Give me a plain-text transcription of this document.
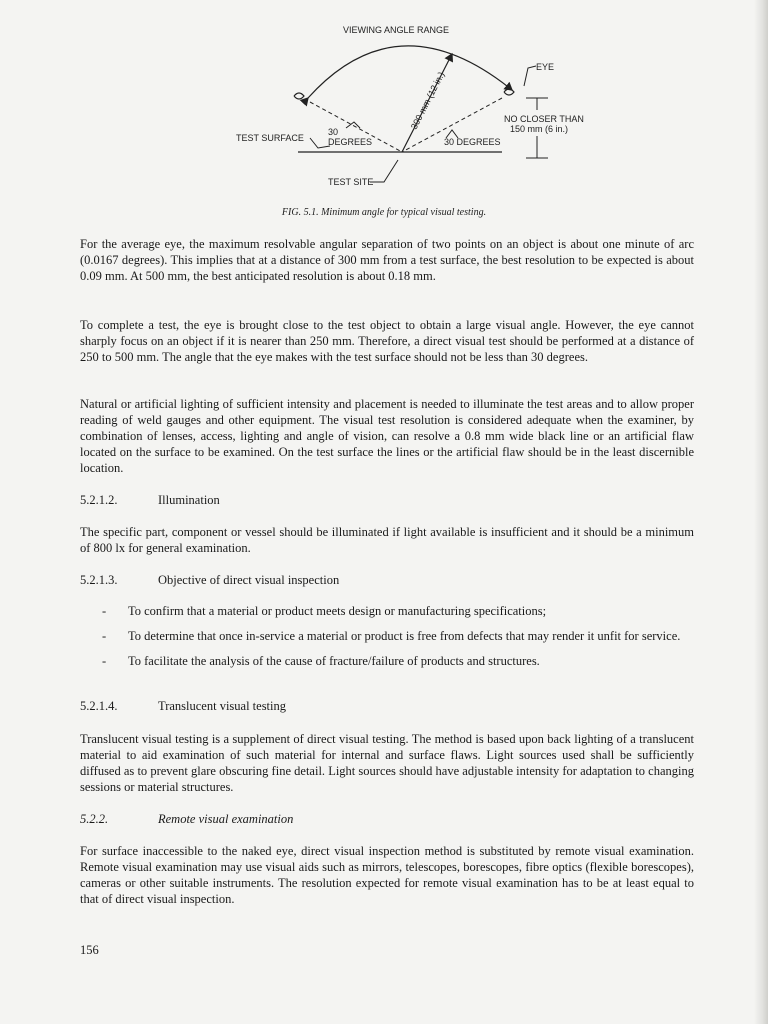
VIEWING ANGLE RANGE
EYE
300 mm (12 in.)	NO CLOSER THAN
150 mm (6 in.)
TEST SURFACE
30
DEGREES	30 DEGREES
TEST SITE
FIG. 5.1. Minimum angle for typical visual testing.

For the average eye, the maximum resolvable angular separation of two points on an object is about one minute of arc (0.0167 degrees). This implies that at a distance of 300 mm from a test surface, the best resolution to be expected is about 0.09 mm. At 500 mm, the best anticipated resolution is about 0.18 mm.

To complete a test, the eye is brought close to the test object to obtain a large visual angle. However, the eye cannot sharply focus on an object if it is nearer than 250 mm. Therefore, a direct visual test should be performed at a distance of 250 to 500 mm. The angle that the eye makes with the test surface should not be less than 30 degrees.

Natural or artificial lighting of sufficient intensity and placement is needed to illuminate the test areas and to allow proper reading of weld gauges and other equipment. The visual test resolution is considered adequate when the examiner, by combination of lenses, access, lighting and angle of vision, can resolve a 0.8 mm wide black line or an artificial flaw located on the surface to be examined. On the test surface the lines or the artificial flaw should be in the least discernible location.

5.2.1.2.	Illumination

The specific part, component or vessel should be illuminated if light available is insufficient and it should be a minimum of 800 lx for general examination.

5.2.1.3.	Objective of direct visual inspection
- To confirm that a material or product meets design or manufacturing specifications;
- To determine that once in-service a material or product is free from defects that may render it unfit for service.
- To facilitate the analysis of the cause of fracture/failure of products and structures.
5.2.1.4.	Translucent visual testing

Translucent visual testing is a supplement of direct visual testing. The method is based upon back lighting of a translucent material to aid examination of such material for internal and surface flaws. Light sources used shall be sufficiently diffused as to prevent glare obscuring fine detail. Light sources should have adjustable intensity for adaptation to changing sessions or material structures.

5.2.2.	Remote visual examination

For surface inaccessible to the naked eye, direct visual inspection method is substituted by remote visual examination. Remote visual examination may use visual aids such as mirrors, telescopes, borescopes, fibre optics (flexible borescopes), cameras or other suitable instruments. The resolution expected for remote visual examination has to be at least equal to that of direct visual inspection.

156
